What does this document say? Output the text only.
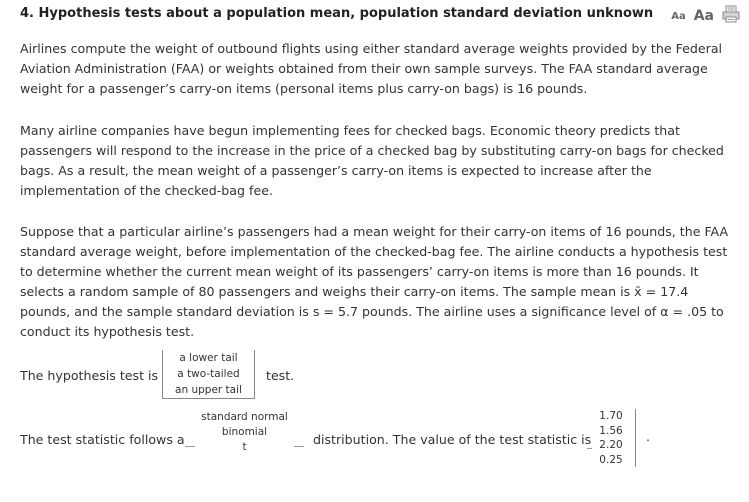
4. Hypothesis tests about a population mean, population standard deviation unknown Aa Aa

Airlines compute the weight of outbound flights using either standard average weights provided by the Federal Aviation Administration (FAA) or weights obtained from their own sample surveys. The FAA standard average weight for a passenger’s carry-on items (personal items plus carry-on bags) is 16 pounds.

Many airline companies have begun implementing fees for checked bags. Economic theory predicts that passengers will respond to the increase in the price of a checked bag by substituting carry-on bags for checked bags. As a result, the mean weight of a passenger’s carry-on items is expected to increase after the implementation of the checked-bag fee.

Suppose that a particular airline’s passengers had a mean weight for their carry-on items of 16 pounds, the FAA standard average weight, before implementation of the checked-bag fee. The airline conducts a hypothesis test to determine whether the current mean weight of its passengers’ carry-on items is more than 16 pounds. It selects a random sample of 80 passengers and weighs their carry-on items. The sample mean is x̄ = 17.4 pounds, and the sample standard deviation is s = 5.7 pounds. The airline uses a significance level of α = .05 to conduct its hypothesis test.

The hypothesis test is
a lower tail
a two-tailed
an upper tail
test.
The test statistic follows a
standard normal
binomial
t	distribution. The value of the test statistic is
1.70
1.56
2.20
0.25
.
